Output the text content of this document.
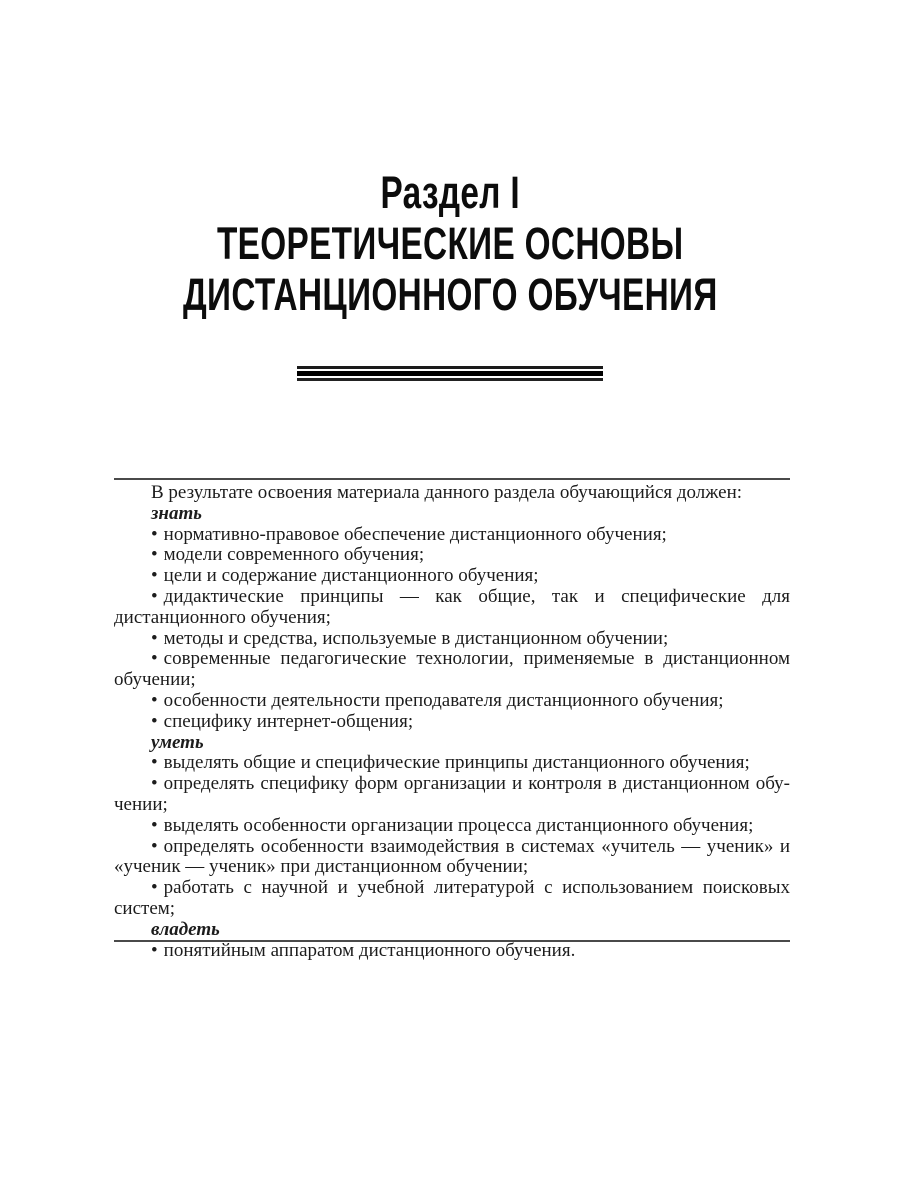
Раздел I
ТЕОРЕТИЧЕСКИЕ ОСНОВЫ
ДИСТАНЦИОННОГО ОБУЧЕНИЯ

В результате освоения материала данного раздела обучающийся должен:

знать

• нормативно-правовое обеспечение дистанционного обучения;

• модели современного обучения;

• цели и содержание дистанционного обучения;

• дидактические принципы — как общие, так и специфические для дистанционного обучения;

• методы и средства, используемые в дистанционном обучении;

• современные педагогические технологии, применяемые в дистанционном обучении;

• особенности деятельности преподавателя дистанционного обучения;

• специфику интернет-общения;

уметь

• выделять общие и специфические принципы дистанционного обучения;

• определять специфику форм организации и контроля в дистанционном обучении;

• выделять особенности организации процесса дистанционного обучения;

• определять особенности взаимодействия в системах «учитель — ученик» и «ученик — ученик» при дистанционном обучении;

• работать с научной и учебной литературой с использованием поисковых систем;

владеть

• понятийным аппаратом дистанционного обучения.
